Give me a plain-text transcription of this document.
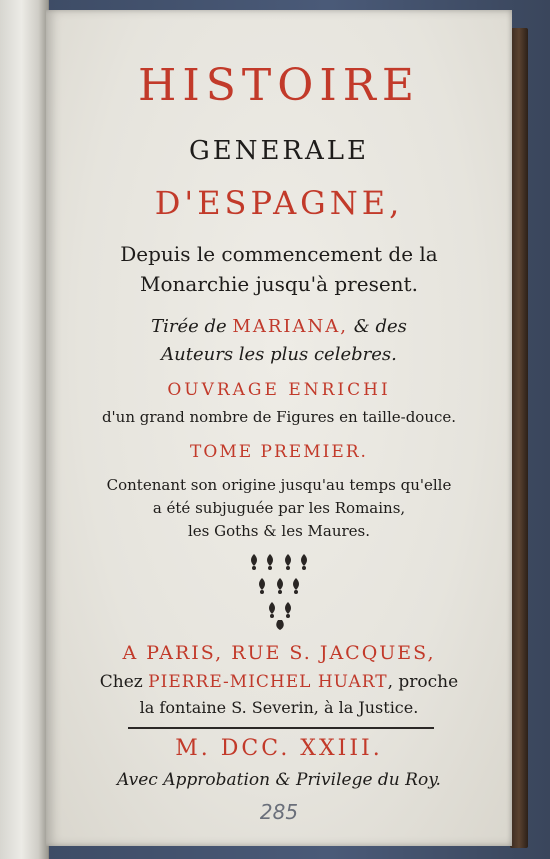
HISTOIRE
GENERALE
D'ESPAGNE,
Depuis le commencement de la
Monarchie jusqu'à present.
Tirée de MARIANA, & des
Auteurs les plus celebres.
OUVRAGE ENRICHI
d'un grand nombre de Figures en taille-douce.
TOME PREMIER.
Contenant son origine jusqu'au temps qu'elle
a été subjuguée par les Romains,
les Goths & les Maures.
A PARIS, RUE S. JACQUES,
Chez PIERRE-MICHEL HUART, proche
la fontaine S. Severin, à la Justice.
M. DCC. XXIII.
Avec Approbation & Privilege du Roy.
285
